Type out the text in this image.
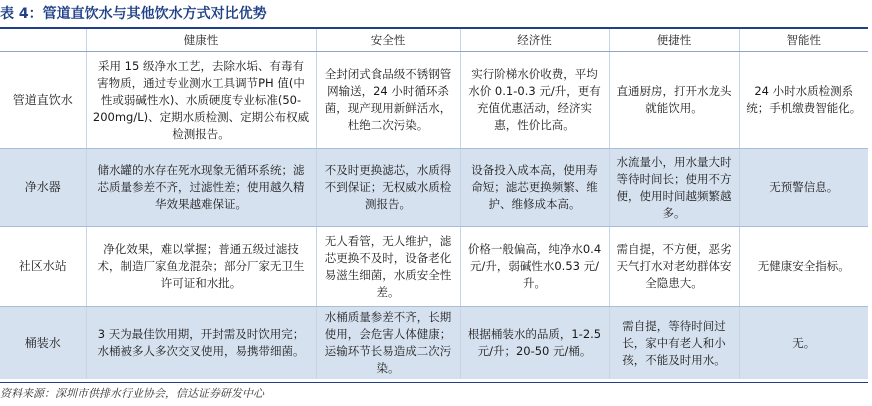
表 4：管道直饮水与其他饮水方式对比优势
	健康性	安全性	经济性	便捷性	智能性
管道直饮水	采用 15 级净水工艺，去除水垢、有毒有害物质，通过专业测水工具调节PH 值(中性或弱碱性水)、水质硬度专业标准(50-200mg/L)、定期水质检测、定期公布权威检测报告。	全封闭式食品级不锈钢管网输送，24 小时循环杀菌，现产现用新鲜活水，杜绝二次污染。	实行阶梯水价收费，平均水价 0.1-0.3 元/升，更有充值优惠活动，经济实惠，性价比高。	直通厨房，打开水龙头就能饮用。	24 小时水质检测系统；手机缴费智能化。
净水器	储水罐的水存在死水现象无循环系统；滤芯质量参差不齐，过滤性差；使用越久精华效果越难保证。	不及时更换滤芯，水质得不到保证；无权威水质检测报告。	设备投入成本高，使用寿命短；滤芯更换频繁、维护、维修成本高。	水流量小，用水量大时等待时间长；使用不方便，使用时间越频繁越多。	无预警信息。
社区水站	净化效果，难以掌握；普通五级过滤技术，制造厂家鱼龙混杂；部分厂家无卫生许可证和水批。	无人看管，无人维护，滤芯更换不及时，设备老化易滋生细菌，水质安全性差。	价格一般偏高，纯净水0.4 元/升，弱碱性水0.53 元/升。	需自提，不方便，恶劣天气打水对老幼群体安全隐患大。	无健康安全指标。
桶装水	3 天为最佳饮用期，开封需及时饮用完；水桶被多人多次交叉使用，易携带细菌。	水桶质量参差不齐，长期使用，会危害人体健康；运输环节长易造成二次污染。	根据桶装水的品质，1-2.5 元/升；20-50 元/桶。	需自提，等待时间过长，家中有老人和小孩，不能及时用水。	无。
资料来源：深圳市供排水行业协会，信达证券研发中心
